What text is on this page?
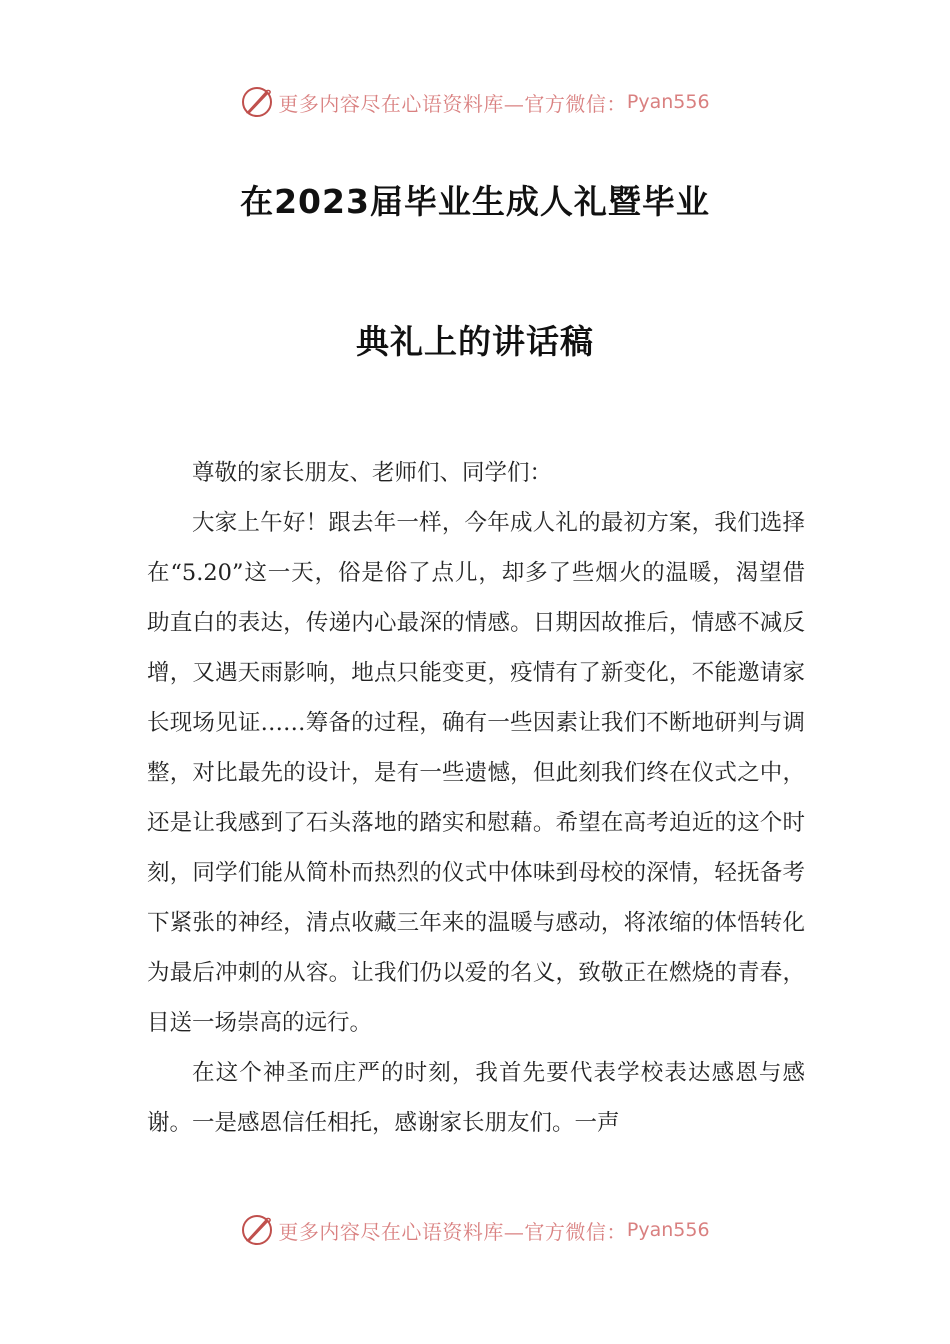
更多内容尽在心语资料库—官方微信： Pyan556
在2023届毕业生成人礼暨毕业
典礼上的讲话稿

尊敬的家长朋友、老师们、同学们：

大家上午好！跟去年一样，今年成人礼的最初方案，我们选择在“5.20”这一天，俗是俗了点儿，却多了些烟火的温暖，渴望借助直白的表达，传递内心最深的情感。日期因故推后，情感不减反增，又遇天雨影响，地点只能变更，疫情有了新变化，不能邀请家长现场见证……筹备的过程，确有一些因素让我们不断地研判与调整，对比最先的设计，是有一些遗憾，但此刻我们终在仪式之中，还是让我感到了石头落地的踏实和慰藉。希望在高考迫近的这个时刻，同学们能从简朴而热烈的仪式中体味到母校的深情，轻抚备考下紧张的神经，清点收藏三年来的温暖与感动，将浓缩的体悟转化为最后冲刺的从容。让我们仍以爱的名义，致敬正在燃烧的青春，目送一场崇高的远行。

在这个神圣而庄严的时刻，我首先要代表学校表达感恩与感谢。一是感恩信任相托，感谢家长朋友们。一声

更多内容尽在心语资料库—官方微信： Pyan556
